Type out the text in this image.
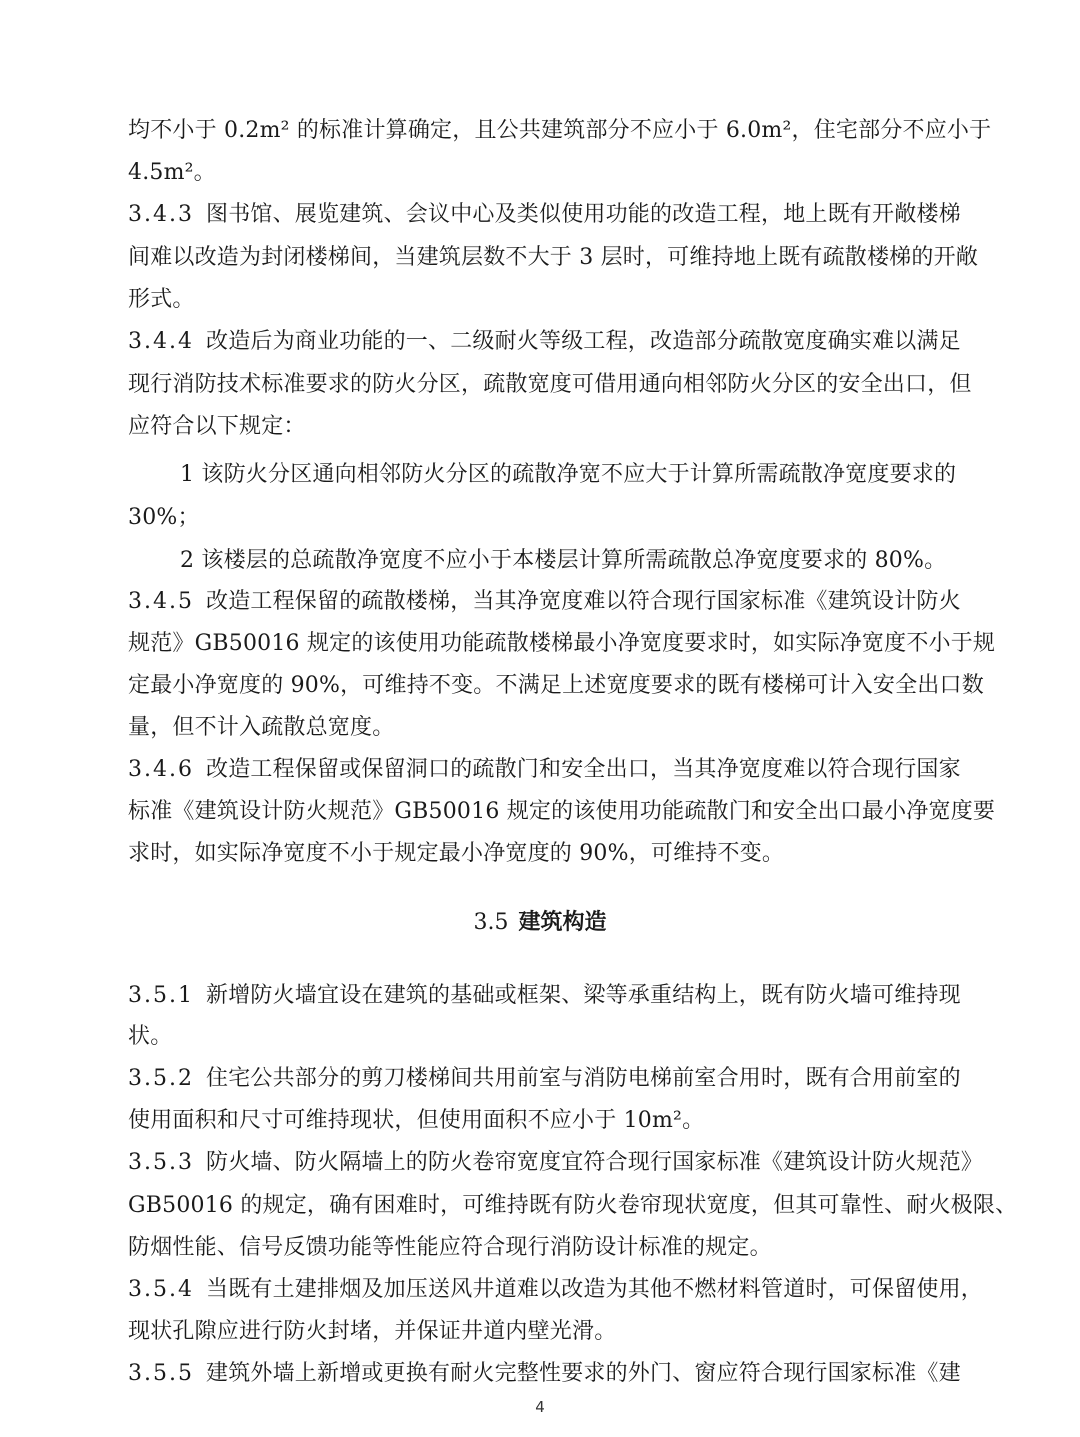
均不小于 0.2m² 的标准计算确定，且公共建筑部分不应小于 6.0m²，住宅部分不应小于
4.5m²。
3.4.3 图书馆、展览建筑、会议中心及类似使用功能的改造工程，地上既有开敞楼梯
间难以改造为封闭楼梯间，当建筑层数不大于 3 层时，可维持地上既有疏散楼梯的开敞
形式。
3.4.4 改造后为商业功能的一、二级耐火等级工程，改造部分疏散宽度确实难以满足
现行消防技术标准要求的防火分区，疏散宽度可借用通向相邻防火分区的安全出口，但
应符合以下规定：
1 该防火分区通向相邻防火分区的疏散净宽不应大于计算所需疏散净宽度要求的
30%；
2 该楼层的总疏散净宽度不应小于本楼层计算所需疏散总净宽度要求的 80%。
3.4.5 改造工程保留的疏散楼梯，当其净宽度难以符合现行国家标准《建筑设计防火
规范》GB50016 规定的该使用功能疏散楼梯最小净宽度要求时，如实际净宽度不小于规
定最小净宽度的 90%，可维持不变。不满足上述宽度要求的既有楼梯可计入安全出口数
量，但不计入疏散总宽度。
3.4.6 改造工程保留或保留洞口的疏散门和安全出口，当其净宽度难以符合现行国家
标准《建筑设计防火规范》GB50016 规定的该使用功能疏散门和安全出口最小净宽度要
求时，如实际净宽度不小于规定最小净宽度的 90%，可维持不变。
3.5 建筑构造
3.5.1 新增防火墙宜设在建筑的基础或框架、梁等承重结构上，既有防火墙可维持现
状。
3.5.2 住宅公共部分的剪刀楼梯间共用前室与消防电梯前室合用时，既有合用前室的
使用面积和尺寸可维持现状，但使用面积不应小于 10m²。
3.5.3 防火墙、防火隔墙上的防火卷帘宽度宜符合现行国家标准《建筑设计防火规范》
GB50016 的规定，确有困难时，可维持既有防火卷帘现状宽度，但其可靠性、耐火极限、
防烟性能、信号反馈功能等性能应符合现行消防设计标准的规定。
3.5.4 当既有土建排烟及加压送风井道难以改造为其他不燃材料管道时，可保留使用，
现状孔隙应进行防火封堵，并保证井道内壁光滑。
3.5.5 建筑外墙上新增或更换有耐火完整性要求的外门、窗应符合现行国家标准《建
4
